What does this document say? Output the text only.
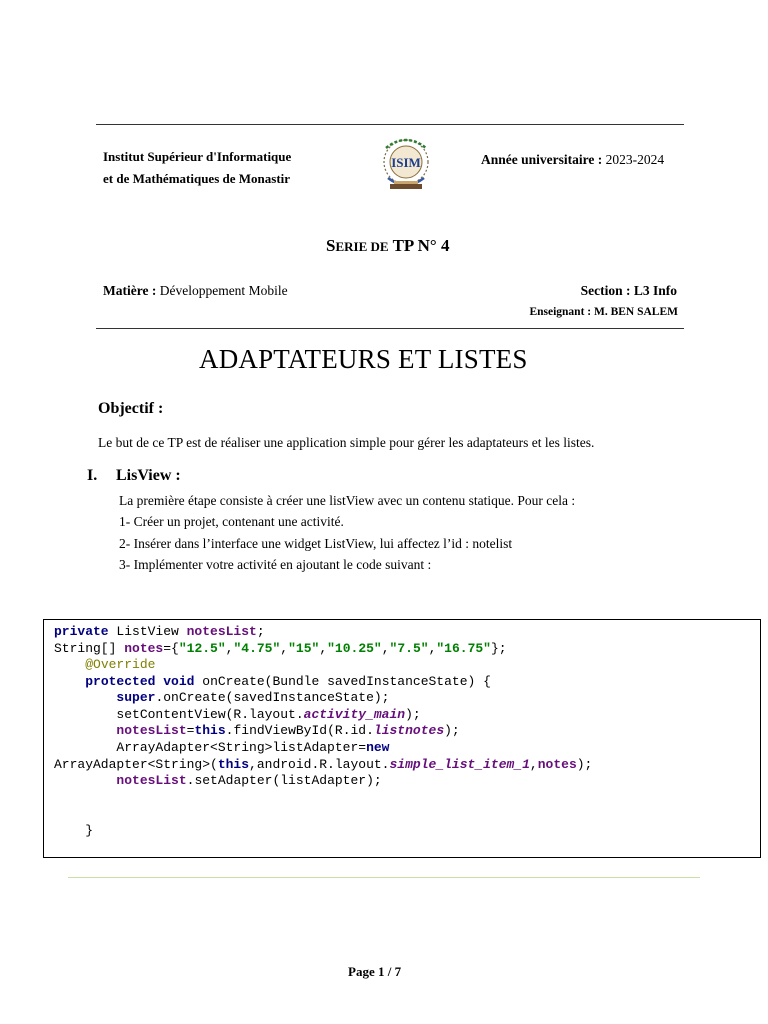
Institut Supérieur d'Informatique
et de Mathématiques de Monastir
ISIM	Année universitaire : 2023-2024
SERIE DE TP N° 4
Matière : Développement Mobile	Section : L3 Info
Enseignant : M. BEN SALEM
ADAPTATEURS ET LISTES
Objectif :
Le but de ce TP est de réaliser une application simple pour gérer les adaptateurs et les listes.
I. LisView :
La première étape consiste à créer une listView avec un contenu statique. Pour cela :
1- Créer un projet, contenant une activité.
2- Insérer dans l’interface une widget ListView, lui affectez l’id : notelist
3- Implémenter votre activité en ajoutant le code suivant :
private ListView notesList;
String[] notes={"12.5","4.75","15","10.25","7.5","16.75"};
@Override
protected void onCreate(Bundle savedInstanceState) {
super.onCreate(savedInstanceState);
setContentView(R.layout.activity_main);
notesList=this.findViewById(R.id.listnotes);
ArrayAdapter<String>listAdapter=new
ArrayAdapter<String>(this,android.R.layout.simple_list_item_1,notes);
notesList.setAdapter(listAdapter);
}
Page 1 / 7
